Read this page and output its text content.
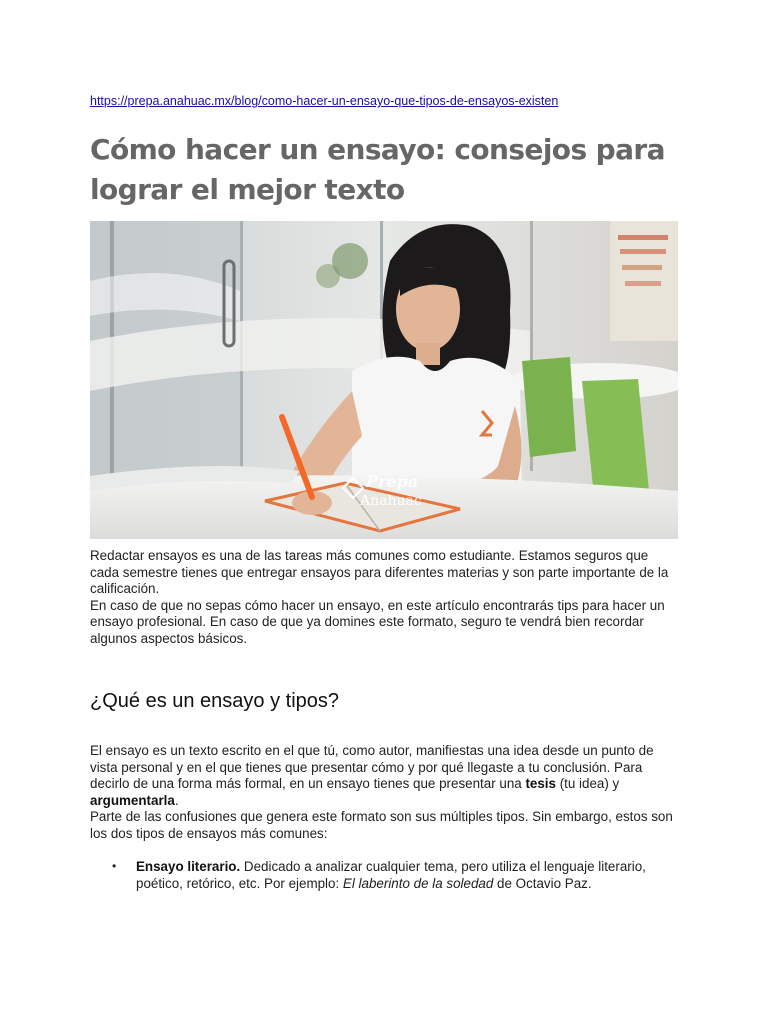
https://prepa.anahuac.mx/blog/como-hacer-un-ensayo-que-tipos-de-ensayos-existen
Cómo hacer un ensayo: consejos para lograr el mejor texto
Prepa
Anahuac
Redactar ensayos es una de las tareas más comunes como estudiante. Estamos seguros que cada semestre tienes que entregar ensayos para diferentes materias y son parte importante de la calificación.
En caso de que no sepas cómo hacer un ensayo, en este artículo encontrarás tips para hacer un ensayo profesional. En caso de que ya domines este formato, seguro te vendrá bien recordar algunos aspectos básicos.
¿Qué es un ensayo y tipos?
El ensayo es un texto escrito en el que tú, como autor, manifiestas una idea desde un punto de vista personal y en el que tienes que presentar cómo y por qué llegaste a tu conclusión. Para decirlo de una forma más formal, en un ensayo tienes que presentar una tesis (tu idea) y argumentarla.
Parte de las confusiones que genera este formato son sus múltiples tipos. Sin embargo, estos son los dos tipos de ensayos más comunes:
• Ensayo literario. Dedicado a analizar cualquier tema, pero utiliza el lenguaje literario, poético, retórico, etc. Por ejemplo: El laberinto de la soledad de Octavio Paz.
